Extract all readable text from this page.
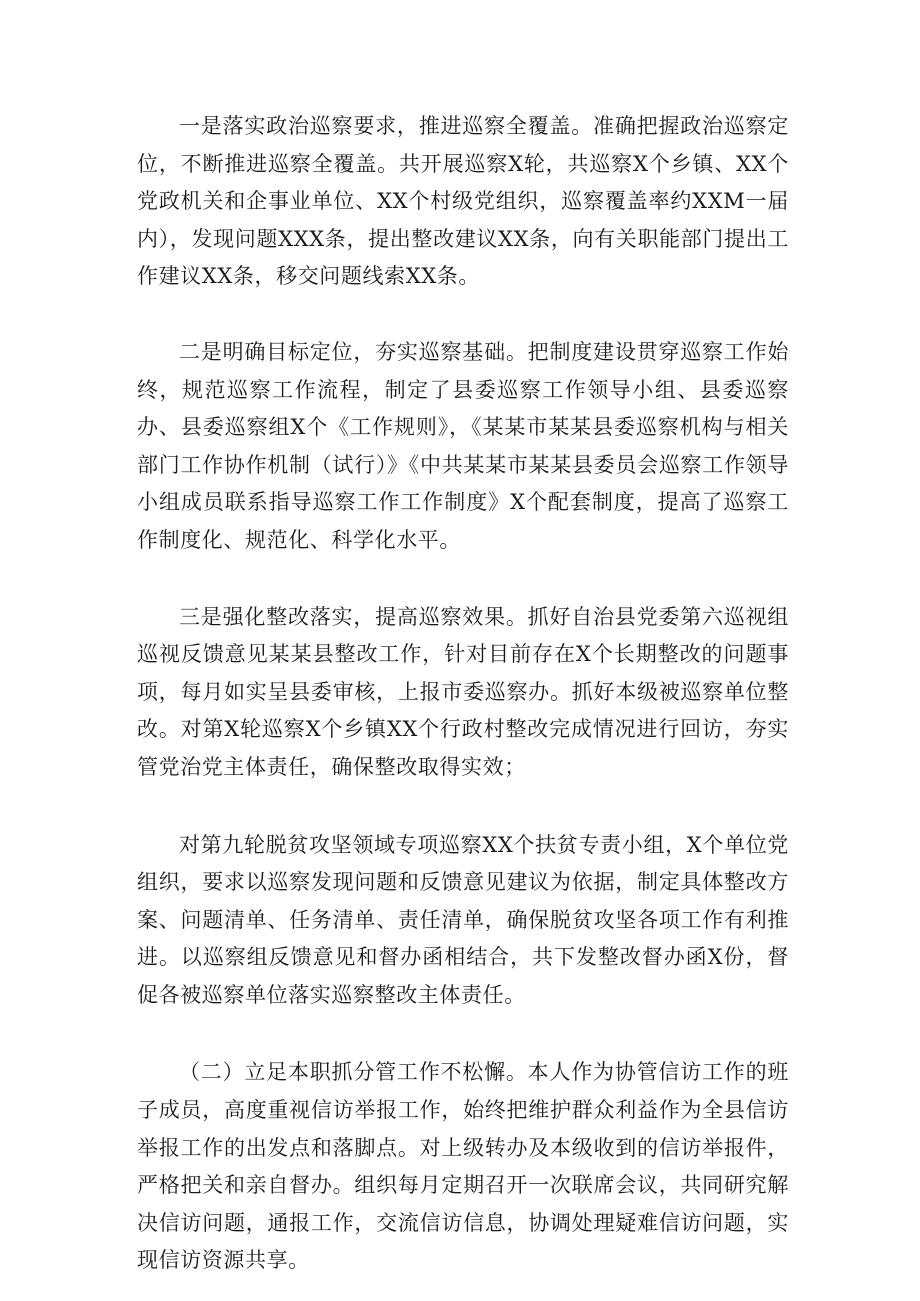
一是落实政治巡察要求，推进巡察全覆盖。准确把握政治巡察定位，不断推进巡察全覆盖。共开展巡察X轮，共巡察X个乡镇、XX个党政机关和企事业单位、XX个村级党组织，巡察覆盖率约XXM一届内），发现问题XXX条，提出整改建议XX条，向有关职能部门提出工作建议XX条，移交问题线索XX条。

二是明确目标定位，夯实巡察基础。把制度建设贯穿巡察工作始终，规范巡察工作流程，制定了县委巡察工作领导小组、县委巡察办、县委巡察组X个《工作规则》，《某某市某某县委巡察机构与相关部门工作协作机制（试行）》《中共某某市某某县委员会巡察工作领导小组成员联系指导巡察工作工作制度》X个配套制度，提高了巡察工作制度化、规范化、科学化水平。

三是强化整改落实，提高巡察效果。抓好自治县党委第六巡视组巡视反馈意见某某县整改工作，针对目前存在X个长期整改的问题事项，每月如实呈县委审核，上报市委巡察办。抓好本级被巡察单位整改。对第X轮巡察X个乡镇XX个行政村整改完成情况进行回访，夯实管党治党主体责任，确保整改取得实效；

对第九轮脱贫攻坚领域专项巡察XX个扶贫专责小组，X个单位党组织，要求以巡察发现问题和反馈意见建议为依据，制定具体整改方案、问题清单、任务清单、责任清单，确保脱贫攻坚各项工作有利推进。以巡察组反馈意见和督办函相结合，共下发整改督办函X份，督促各被巡察单位落实巡察整改主体责任。

（二）立足本职抓分管工作不松懈。本人作为协管信访工作的班子成员，高度重视信访举报工作，始终把维护群众利益作为全县信访举报工作的出发点和落脚点。对上级转办及本级收到的信访举报件，严格把关和亲自督办。组织每月定期召开一次联席会议，共同研究解决信访问题，通报工作，交流信访信息，协调处理疑难信访问题，实现信访资源共享。
